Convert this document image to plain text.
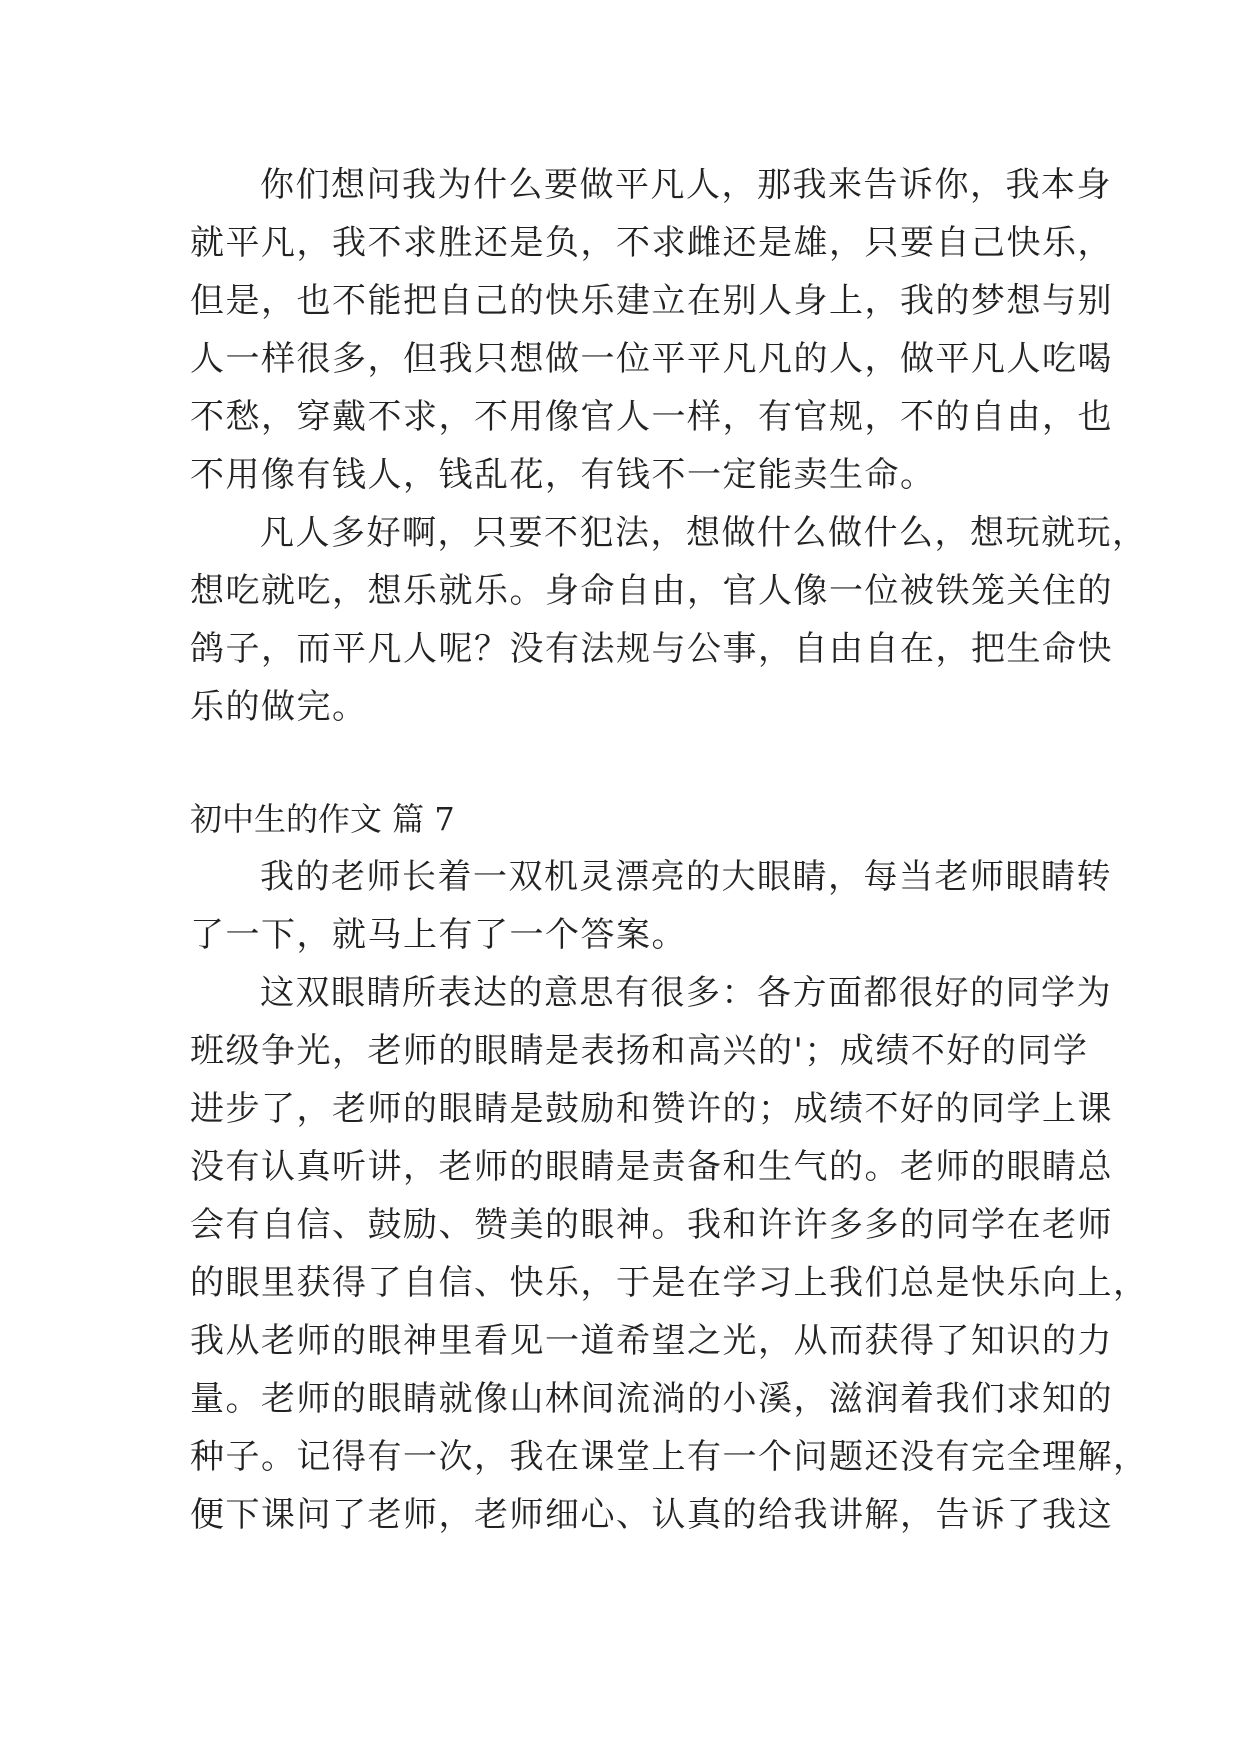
你们想问我为什么要做平凡人，那我来告诉你，我本身
就平凡，我不求胜还是负，不求雌还是雄，只要自己快乐，
但是，也不能把自己的快乐建立在别人身上，我的梦想与别
人一样很多，但我只想做一位平平凡凡的人，做平凡人吃喝
不愁，穿戴不求，不用像官人一样，有官规，不的自由，也
不用像有钱人，钱乱花，有钱不一定能卖生命。
凡人多好啊，只要不犯法，想做什么做什么，想玩就玩，
想吃就吃，想乐就乐。身命自由，官人像一位被铁笼关住的
鸽子，而平凡人呢？没有法规与公事，自由自在，把生命快
乐的做完。
初中生的作文 篇 7
我的老师长着一双机灵漂亮的大眼睛，每当老师眼睛转
了一下，就马上有了一个答案。
这双眼睛所表达的意思有很多：各方面都很好的同学为
班级争光，老师的眼睛是表扬和高兴的'；成绩不好的同学
进步了，老师的眼睛是鼓励和赞许的；成绩不好的同学上课
没有认真听讲，老师的眼睛是责备和生气的。老师的眼睛总
会有自信、鼓励、赞美的眼神。我和许许多多的同学在老师
的眼里获得了自信、快乐，于是在学习上我们总是快乐向上，
我从老师的眼神里看见一道希望之光，从而获得了知识的力
量。老师的眼睛就像山林间流淌的小溪，滋润着我们求知的
种子。记得有一次，我在课堂上有一个问题还没有完全理解，
便下课问了老师，老师细心、认真的给我讲解，告诉了我这
